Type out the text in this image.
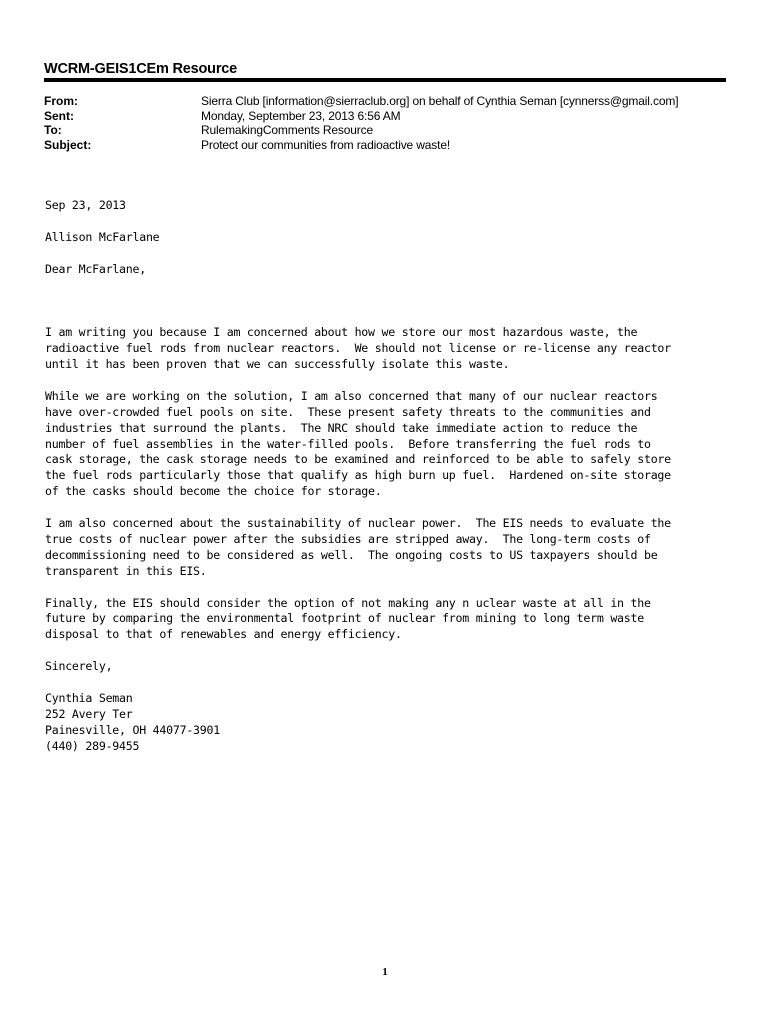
WCRM-GEIS1CEm Resource
From:	Sierra Club [information@sierraclub.org] on behalf of Cynthia Seman [cynnerss@gmail.com]
Sent:	Monday, September 23, 2013 6:56 AM
To:	RulemakingComments Resource
Subject:	Protect our communities from radioactive waste!

Sep 23, 2013

Allison McFarlane

Dear McFarlane,

I am writing you because I am concerned about how we store our most hazardous waste, the
radioactive fuel rods from nuclear reactors.  We should not license or re-license any reactor
until it has been proven that we can successfully isolate this waste.

While we are working on the solution, I am also concerned that many of our nuclear reactors
have over-crowded fuel pools on site.  These present safety threats to the communities and
industries that surround the plants.  The NRC should take immediate action to reduce the
number of fuel assemblies in the water-filled pools.  Before transferring the fuel rods to
cask storage, the cask storage needs to be examined and reinforced to be able to safely store
the fuel rods particularly those that qualify as high burn up fuel.  Hardened on-site storage
of the casks should become the choice for storage.

I am also concerned about the sustainability of nuclear power.  The EIS needs to evaluate the
true costs of nuclear power after the subsidies are stripped away.  The long-term costs of
decommissioning need to be considered as well.  The ongoing costs to US taxpayers should be
transparent in this EIS.

Finally, the EIS should consider the option of not making any n uclear waste at all in the
future by comparing the environmental footprint of nuclear from mining to long term waste
disposal to that of renewables and energy efficiency.

Sincerely,

Cynthia Seman
252 Avery Ter
Painesville, OH 44077-3901
(440) 289-9455

1
